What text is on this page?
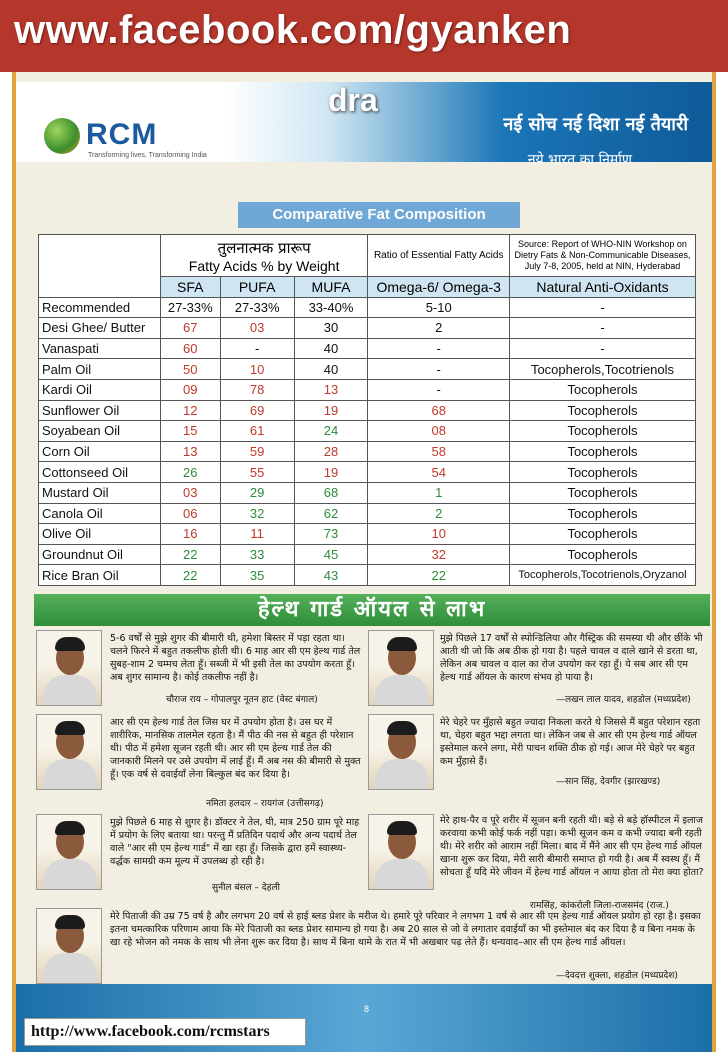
www.facebook.com/gyanken
dra
RCM
Transforming lives, Transforming India
नई सोच नई दिशा नई तैयारी
नये भारत का निर्माण
Comparative Fat Composition

	तुलनात्मक प्रारूप
Fatty Acids % by Weight			Ratio of Essential Fatty Acids	Source: Report of WHO-NIN Workshop on Dietry Fats & Non-Communicable Diseases, July 7-8, 2005, held at NIN, Hyderabad
	SFA	PUFA	MUFA	Omega-6/ Omega-3	Natural Anti-Oxidants
Recommended	27-33%	27-33%	33-40%	5-10	-
Desi Ghee/ Butter	67	03	30	2	-
Vanaspati	60	-	40	-	-
Palm Oil	50	10	40	-	Tocopherols,Tocotrienols
Kardi Oil	09	78	13	-	Tocopherols
Sunflower Oil	12	69	19	68	Tocopherols
Soyabean Oil	15	61	24	08	Tocopherols
Corn Oil	13	59	28	58	Tocopherols
Cottonseed Oil	26	55	19	54	Tocopherols
Mustard Oil	03	29	68	1	Tocopherols
Canola Oil	06	32	62	2	Tocopherols
Olive Oil	16	11	73	10	Tocopherols
Groundnut Oil	22	33	45	32	Tocopherols
Rice Bran Oil	22	35	43	22	Tocopherols,Tocotrienols,Oryzanol
हेल्थ गार्ड ऑयल से लाभ
5-6 वर्षों से मुझे शुगर की बीमारी थी, हमेशा बिस्तर में पड़ा रहता था। चलने फिरने में बहुत तकलीफ होती थी। 6 माह आर सी एम हेल्थ गार्ड तेल सुबह-शाम 2 चम्मच लेता हूँ। सब्जी में भी इसी तेल का उपयोग करता हूँ। अब शुगर सामान्य है। कोई तकलीफ नहीं है।
चौराज राय – गोपालपुर नूतन हाट (वेस्ट बंगाल)
मुझे पिछले 17 वर्षों से स्पोन्डिलिया और गैस्ट्रिक की समस्या थी और छींके भी आती थी जो कि अब ठीक हो गया है। पहले चावल व दाले खाने से डरता था, लेकिन अब चावल व दाल का रोज उपयोग कर रहा हूँ। ये सब आर सी एम हेल्थ गार्ड ऑयल के कारण संभव हो पाया है।
—लखन लाल यादव, शहडोल (मध्यप्रदेश)
आर सी एम हेल्थ गार्ड तेल जिस घर में उपयोग होता है। उस घर में शारीरिक, मानसिक तालमेल रहता है। मैं पीठ की नस से बहुत ही परेशान थी। पीठ में हमेशा सूजन रहती थी। आर सी एम हेल्थ गार्ड तेल की जानकारी मिलने पर उसे उपयोग में लाई हूँ। मैं अब नस की बीमारी से मुक्त हूँ। एक वर्ष से दवाईयाँ लेना बिल्कुल बंद कर दिया है।
नमिता हलदार – रायगंज (उत्तीसगढ़)
मेरे चेहरे पर मुँहासे बहुत ज्यादा निकला करते थे जिससे मैं बहुत परेशान रहता था, चेहरा बहुत भद्दा लगता था। लेकिन जब से आर सी एम हेल्थ गार्ड ऑयल इस्तेमाल करने लगा, मेरी पाचन शक्ति ठीक हो गई। आज मेरे चेहरे पर बहुत कम मुँहासे हैं।
—सान सिंह, देवगीर (झारखण्ड)
मुझे पिछले 6 माह से शुगर है। डॉक्टर ने तेल, घी, मात्र 250 ग्राम पूरे माह में प्रयोग के लिए बताया था। परन्तु मैं प्रतिदिन पदार्थ और अन्य पदार्थ तेल वाले "आर सी एम हेल्थ गार्ड" में खा रहा हूँ। जिसके द्वारा हमें स्वास्थ्य-वर्द्धक सामग्री कम मूल्य में उपलब्ध हो रही है।
सुनील बंसल – देहली
मेरे हाथ-पैर व पूरे शरीर में सूजन बनी रहती थी। बड़े से बड़े हॉस्पीटल में इलाज करवाया कभी कोई फर्क नहीं पड़ा। कभी सूजन कम व कभी ज्यादा बनी रहती थी। मेरे शरीर को आराम नहीं मिला। बाद में मैंने आर सी एम हेल्थ गार्ड ऑयल खाना शुरू कर दिया, मेरी सारी बीमारी समाप्त हो गयी है। अब मैं स्वस्थ हूँ। मैं सोचता हूँ यदि मेरे जीवन में हेल्थ गार्ड ऑयल न आया होता तो मेरा क्या होता?
रामसिंह, कांकरोली जिला-राजसमंद (राज.)
मेरे पिताजी की उम्र 75 वर्ष है और लगभग 20 वर्ष से हाई ब्लड प्रेशर के मरीज थे। हमारे पूरे परिवार ने लगभग 1 वर्ष से आर सी एम हेल्थ गार्ड ऑयल प्रयोग हो रहा है। इसका इतना चमत्कारिक परिणाम आया कि मेरे पिताजी का ब्लड प्रेशर सामान्य हो गया है। अब 20 साल से जो वे लगातार दवाईयाँ का भी इस्तेमाल बंद कर दिया है व बिना नमक के खा रहे भोजन को नमक के साथ भी लेना शुरू कर दिया है। साथ में बिना थामे के रात में भी अखबार पढ़ लेते हैं। धन्यवाद–आर सी एम हेल्थ गार्ड ऑयल।
—देवदत्त शुक्ला, शहडोल (मध्यप्रदेश)
8
http://www.facebook.com/rcmstars
